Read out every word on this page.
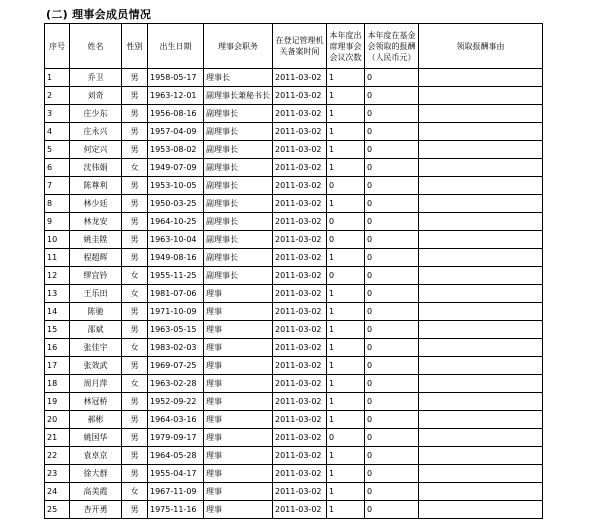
(二) 理事会成员情况
序号	姓名	性别	出生日期	理事会职务	在登记管理机关备案时间	本年度出席理事会会议次数	本年度在基金会领取的报酬（人民币元）	领取报酬事由
1	乔卫	男	1958-05-17	理事长	2011-03-02	1	0	
2	刘奇	男	1963-12-01	副理事长兼秘书长	2011-03-02	1	0	
3	庄少东	男	1956-08-16	副理事长	2011-03-02	1	0	
4	庄永兴	男	1957-04-09	副理事长	2011-03-02	1	0	
5	何定兴	男	1953-08-02	副理事长	2011-03-02	1	0	
6	沈伟娟	女	1949-07-09	副理事长	2011-03-02	1	0	
7	陈尊利	男	1953-10-05	副理事长	2011-03-02	0	0	
8	林少廷	男	1950-03-25	副理事长	2011-03-02	1	0	
9	林龙安	男	1964-10-25	副理事长	2011-03-02	0	0	
10	姚圭陞	男	1963-10-04	副理事长	2011-03-02	0	0	
11	程超辉	男	1949-08-16	副理事长	2011-03-02	1	0	
12	缪宜钤	女	1955-11-25	副理事长	2011-03-02	0	0	
13	王乐田	女	1981-07-06	理事	2011-03-02	1	0	
14	陈驰	男	1971-10-09	理事	2011-03-02	1	0	
15	邵斌	男	1963-05-15	理事	2011-03-02	1	0	
16	张佳宇	女	1983-02-03	理事	2011-03-02	1	0	
17	张效武	男	1969-07-25	理事	2011-03-02	1	0	
18	周月萍	女	1963-02-28	理事	2011-03-02	1	0	
19	林冠桥	男	1952-09-22	理事	2011-03-02	1	0	
20	郝彬	男	1964-03-16	理事	2011-03-02	1	0	
21	姚国华	男	1979-09-17	理事	2011-03-02	0	0	
22	袁卓京	男	1964-05-28	理事	2011-03-02	1	0	
23	徐大群	男	1955-04-17	理事	2011-03-02	1	0	
24	高美霞	女	1967-11-09	理事	2011-03-02	1	0	
25	杏开勇	男	1975-11-16	理事	2011-03-02	1	0	
